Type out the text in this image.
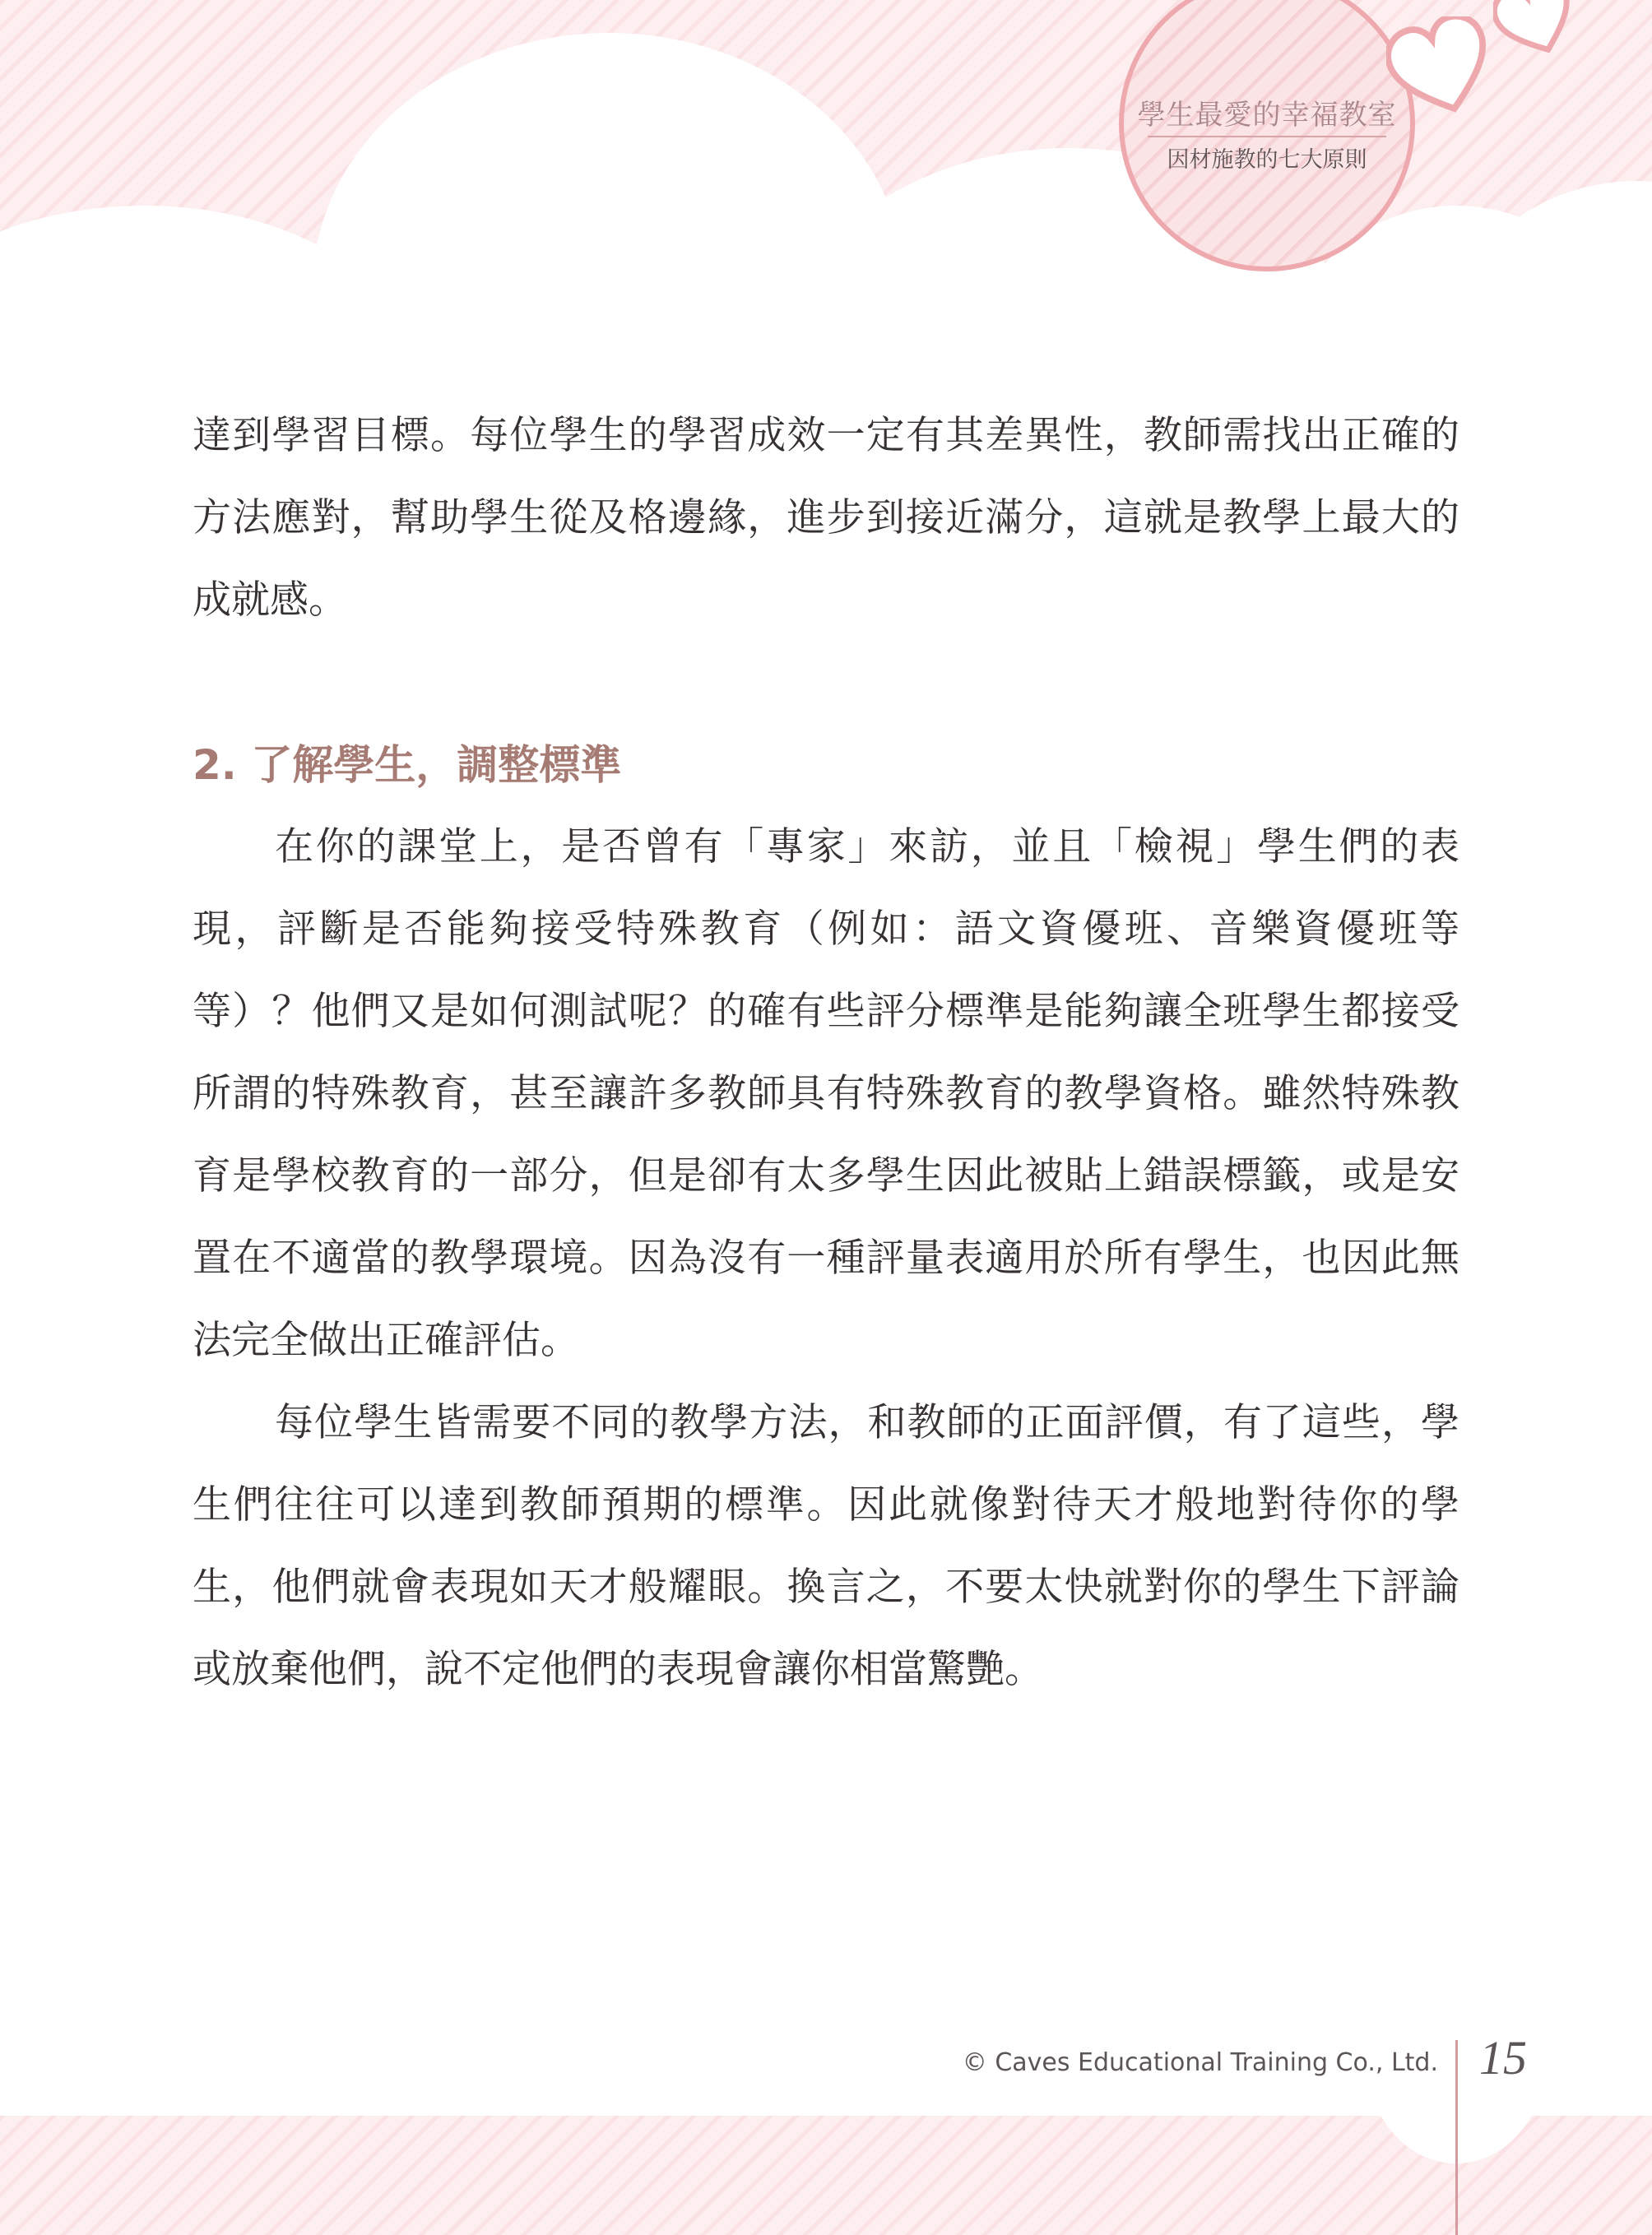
學生最愛的幸福教室
因材施教的七大原則

達到學習目標。每位學生的學習成效一定有其差異性，教師需找出正確的方法應對，幫助學生從及格邊緣，進步到接近滿分，這就是教學上最大的成就感。

2. 了解學生，調整標準

在你的課堂上，是否曾有「專家」來訪，並且「檢視」學生們的表現，評斷是否能夠接受特殊教育（例如：語文資優班、音樂資優班等等）？他們又是如何測試呢？的確有些評分標準是能夠讓全班學生都接受所謂的特殊教育，甚至讓許多教師具有特殊教育的教學資格。雖然特殊教育是學校教育的一部分，但是卻有太多學生因此被貼上錯誤標籤，或是安置在不適當的教學環境。因為沒有一種評量表適用於所有學生，也因此無法完全做出正確評估。

每位學生皆需要不同的教學方法，和教師的正面評價，有了這些，學生們往往可以達到教師預期的標準。因此就像對待天才般地對待你的學生，他們就會表現如天才般耀眼。換言之，不要太快就對你的學生下評論或放棄他們，說不定他們的表現會讓你相當驚艷。

© Caves Educational Training Co., Ltd. 15
